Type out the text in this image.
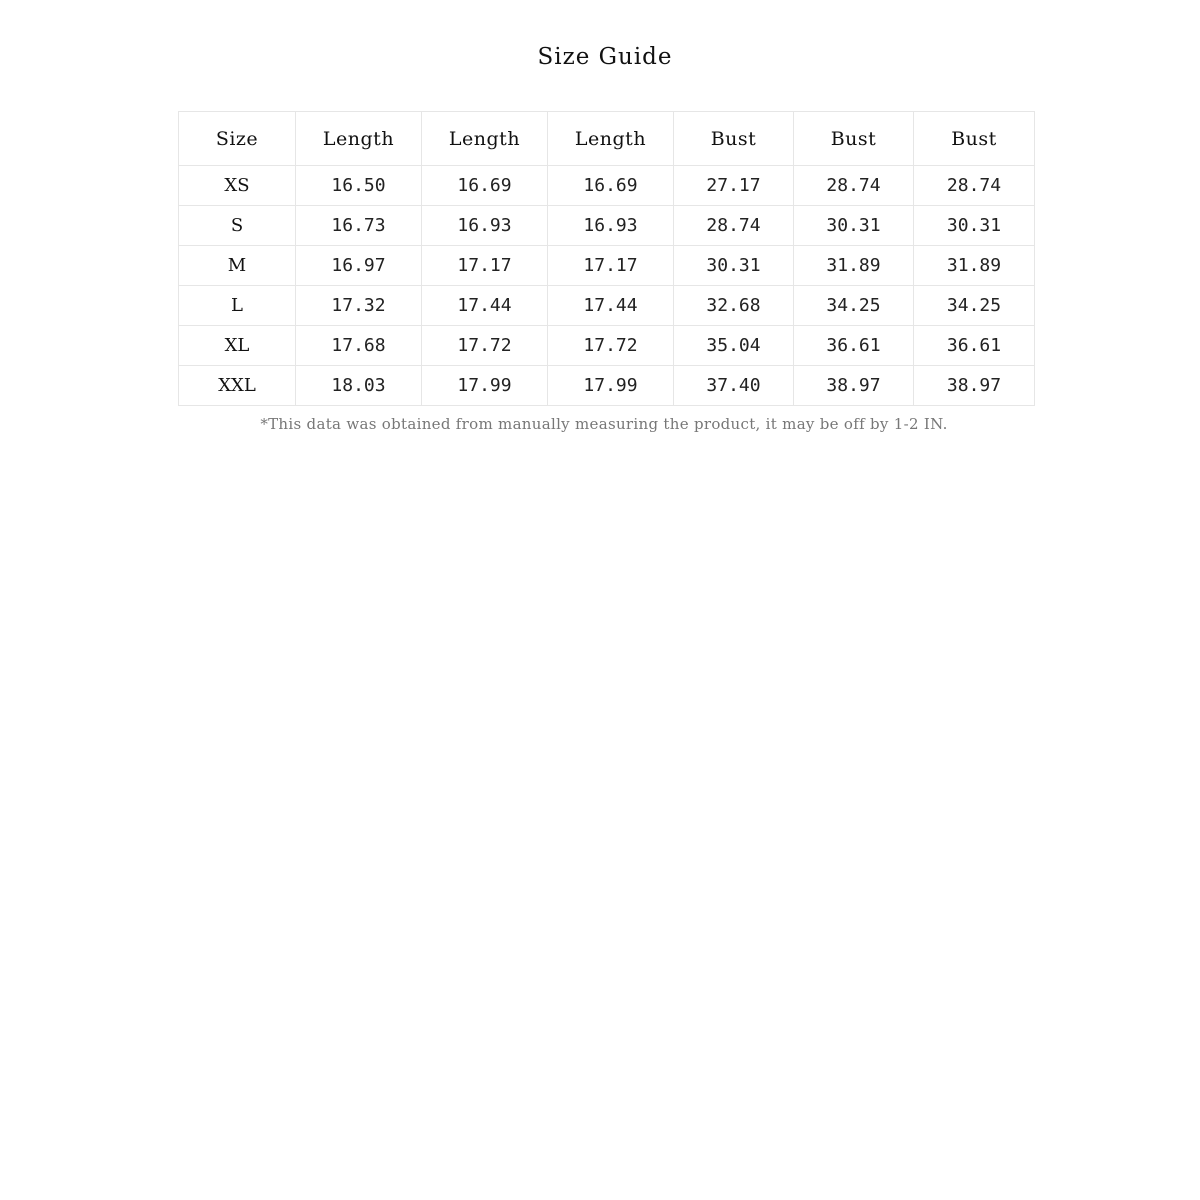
Size Guide
Size	Length	Length	Length	Bust	Bust	Bust
XS	16.50	16.69	16.69	27.17	28.74	28.74
S	16.73	16.93	16.93	28.74	30.31	30.31
M	16.97	17.17	17.17	30.31	31.89	31.89
L	17.32	17.44	17.44	32.68	34.25	34.25
XL	17.68	17.72	17.72	35.04	36.61	36.61
XXL	18.03	17.99	17.99	37.40	38.97	38.97
*This data was obtained from manually measuring the product, it may be off by 1-2 IN.
